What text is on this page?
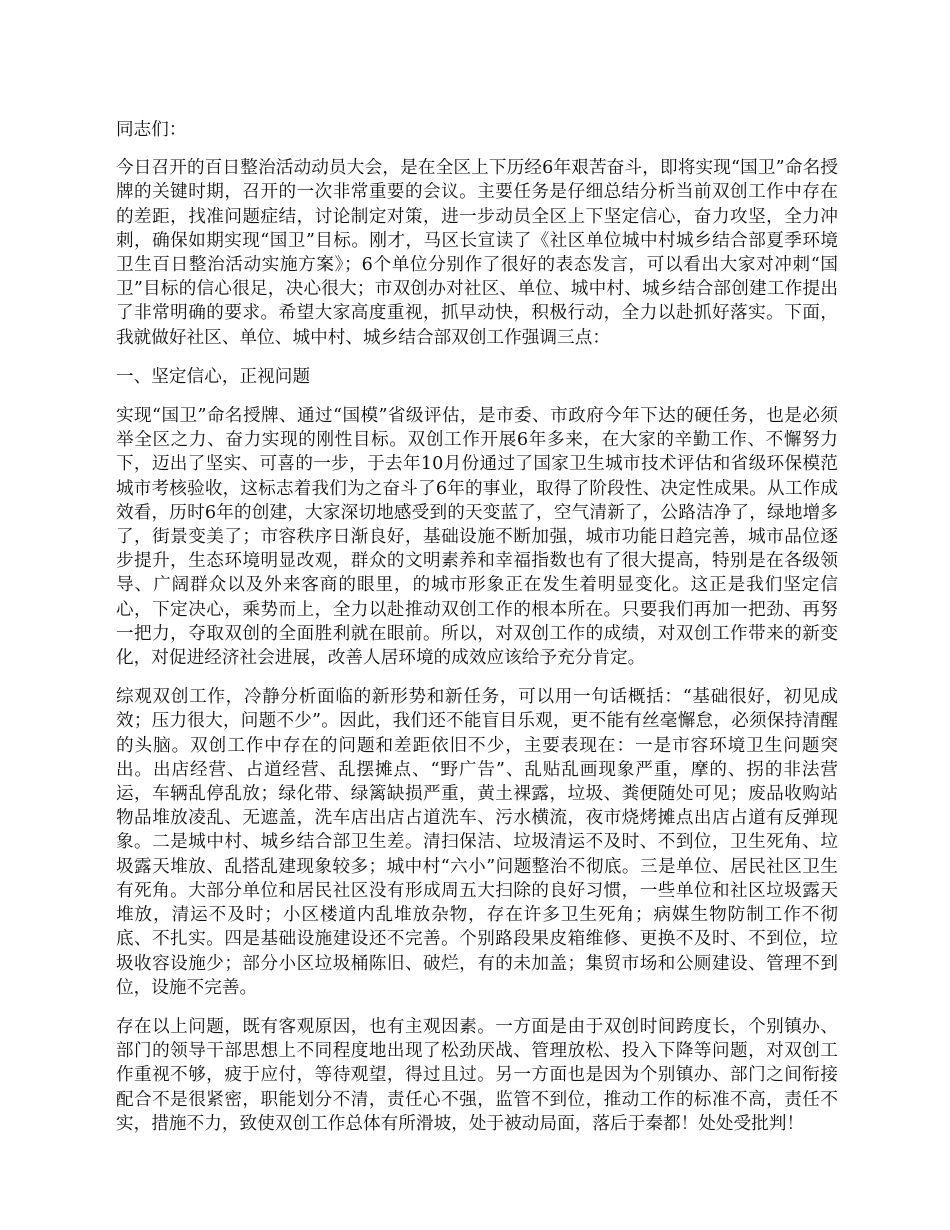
同志们：

今日召开的百日整治活动动员大会，是在全区上下历经6年艰苦奋斗，即将实现“国卫”命名授牌的关键时期，召开的一次非常重要的会议。主要任务是仔细总结分析当前双创工作中存在的差距，找准问题症结，讨论制定对策，进一步动员全区上下坚定信心，奋力攻坚，全力冲刺，确保如期实现“国卫”目标。刚才，马区长宣读了《社区单位城中村城乡结合部夏季环境卫生百日整治活动实施方案》；6个单位分别作了很好的表态发言，可以看出大家对冲刺“国卫”目标的信心很足，决心很大；市双创办对社区、单位、城中村、城乡结合部创建工作提出了非常明确的要求。希望大家高度重视，抓早动快，积极行动，全力以赴抓好落实。下面，我就做好社区、单位、城中村、城乡结合部双创工作强调三点：

一、坚定信心，正视问题

实现“国卫”命名授牌、通过“国模”省级评估，是市委、市政府今年下达的硬任务，也是必须举全区之力、奋力实现的刚性目标。双创工作开展6年多来，在大家的辛勤工作、不懈努力下，迈出了坚实、可喜的一步，于去年10月份通过了国家卫生城市技术评估和省级环保模范城市考核验收，这标志着我们为之奋斗了6年的事业，取得了阶段性、决定性成果。从工作成效看，历时6年的创建，大家深切地感受到的天变蓝了，空气清新了，公路洁净了，绿地增多了，街景变美了；市容秩序日渐良好，基础设施不断加强，城市功能日趋完善，城市品位逐步提升，生态环境明显改观，群众的文明素养和幸福指数也有了很大提高，特别是在各级领导、广阔群众以及外来客商的眼里，的城市形象正在发生着明显变化。这正是我们坚定信心，下定决心，乘势而上，全力以赴推动双创工作的根本所在。只要我们再加一把劲、再努一把力，夺取双创的全面胜利就在眼前。所以，对双创工作的成绩，对双创工作带来的新变化，对促进经济社会进展，改善人居环境的成效应该给予充分肯定。

综观双创工作，冷静分析面临的新形势和新任务，可以用一句话概括：“基础很好，初见成效；压力很大，问题不少”。因此，我们还不能盲目乐观，更不能有丝毫懈怠，必须保持清醒的头脑。双创工作中存在的问题和差距依旧不少，主要表现在：一是市容环境卫生问题突出。出店经营、占道经营、乱摆摊点、“野广告”、乱贴乱画现象严重，摩的、拐的非法营运，车辆乱停乱放；绿化带、绿篱缺损严重，黄土裸露，垃圾、粪便随处可见；废品收购站物品堆放凌乱、无遮盖，洗车店出店占道洗车、污水横流，夜市烧烤摊点出店占道有反弹现象。二是城中村、城乡结合部卫生差。清扫保洁、垃圾清运不及时、不到位，卫生死角、垃圾露天堆放、乱搭乱建现象较多；城中村“六小”问题整治不彻底。三是单位、居民社区卫生有死角。大部分单位和居民社区没有形成周五大扫除的良好习惯，一些单位和社区垃圾露天堆放，清运不及时；小区楼道内乱堆放杂物，存在许多卫生死角；病媒生物防制工作不彻底、不扎实。四是基础设施建设还不完善。个别路段果皮箱维修、更换不及时、不到位，垃圾收容设施少；部分小区垃圾桶陈旧、破烂，有的未加盖；集贸市场和公厕建设、管理不到位，设施不完善。

存在以上问题，既有客观原因，也有主观因素。一方面是由于双创时间跨度长，个别镇办、部门的领导干部思想上不同程度地出现了松劲厌战、管理放松、投入下降等问题，对双创工作重视不够，疲于应付，等待观望，得过且过。另一方面也是因为个别镇办、部门之间衔接配合不是很紧密，职能划分不清，责任心不强，监管不到位，推动工作的标准不高，责任不实，措施不力，致使双创工作总体有所滑坡，处于被动局面，落后于秦都！处处受批判！
